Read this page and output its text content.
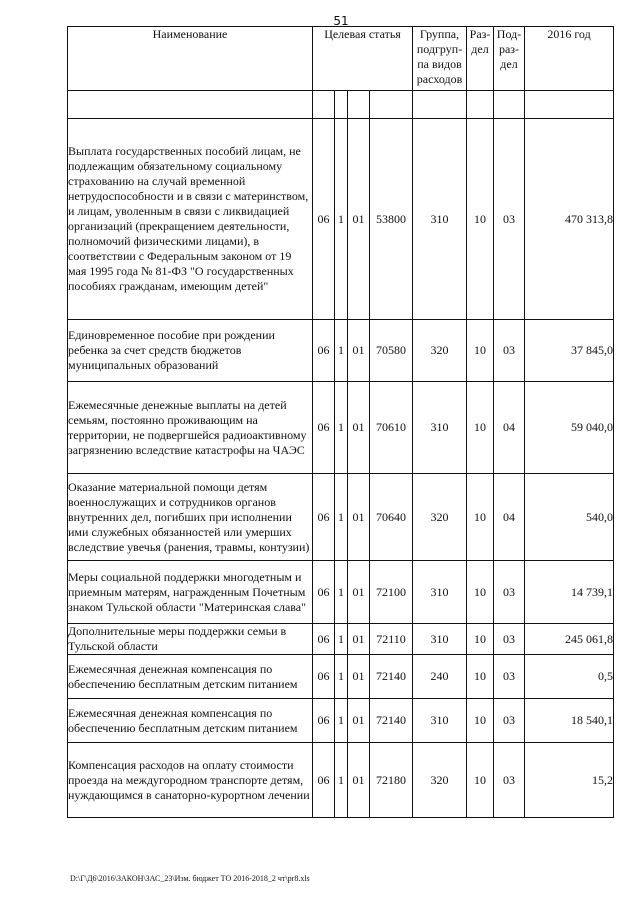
51
Наименование	Целевая статья				Группа, подгруп-па видов расходов	Раз-дел	Под-раз-дел	2016 год

Выплата государственных пособий лицам, не подлежащим обязательному социальному страхованию на случай временной нетрудоспособности и в связи с материнством, и лицам, уволенным в связи с ликвидацией организаций (прекращением деятельности, полномочий физическими лицами), в соответствии с Федеральным законом от 19 мая 1995 года № 81-ФЗ "О государственных пособиях гражданам, имеющим детей"	06	1	01	53800	310	10	03	470 313,8
Единовременное пособие при рождении ребенка за счет средств бюджетов муниципальных образований	06	1	01	70580	320	10	03	37 845,0
Ежемесячные денежные выплаты на детей семьям, постоянно проживающим на территории, не подвергшейся радиоактивному загрязнению вследствие катастрофы на ЧАЭС	06	1	01	70610	310	10	04	59 040,0
Оказание материальной помощи детям военнослужащих и сотрудников органов внутренних дел, погибших при исполнении ими служебных обязанностей или умерших вследствие увечья (ранения, травмы, контузии)	06	1	01	70640	320	10	04	540,0
Меры социальной поддержки многодетным и приемным матерям, награжденным Почетным знаком Тульской области "Материнская слава"	06	1	01	72100	310	10	03	14 739,1
Дополнительные меры поддержки семьи в Тульской области	06	1	01	72110	310	10	03	245 061,8
Ежемесячная денежная компенсация по обеспечению бесплатным детским питанием	06	1	01	72140	240	10	03	0,5
Ежемесячная денежная компенсация по обеспечению бесплатным детским питанием	06	1	01	72140	310	10	03	18 540,1
Компенсация расходов на оплату стоимости проезда на междугородном транспорте детям, нуждающимся в санаторно-курортном лечении	06	1	01	72180	320	10	03	15,2
D:\Г\Д6\2016\ЗАКОН\ЗАС_23\Изм. бюджет ТО 2016-2018_2 чт\pr8.xls
